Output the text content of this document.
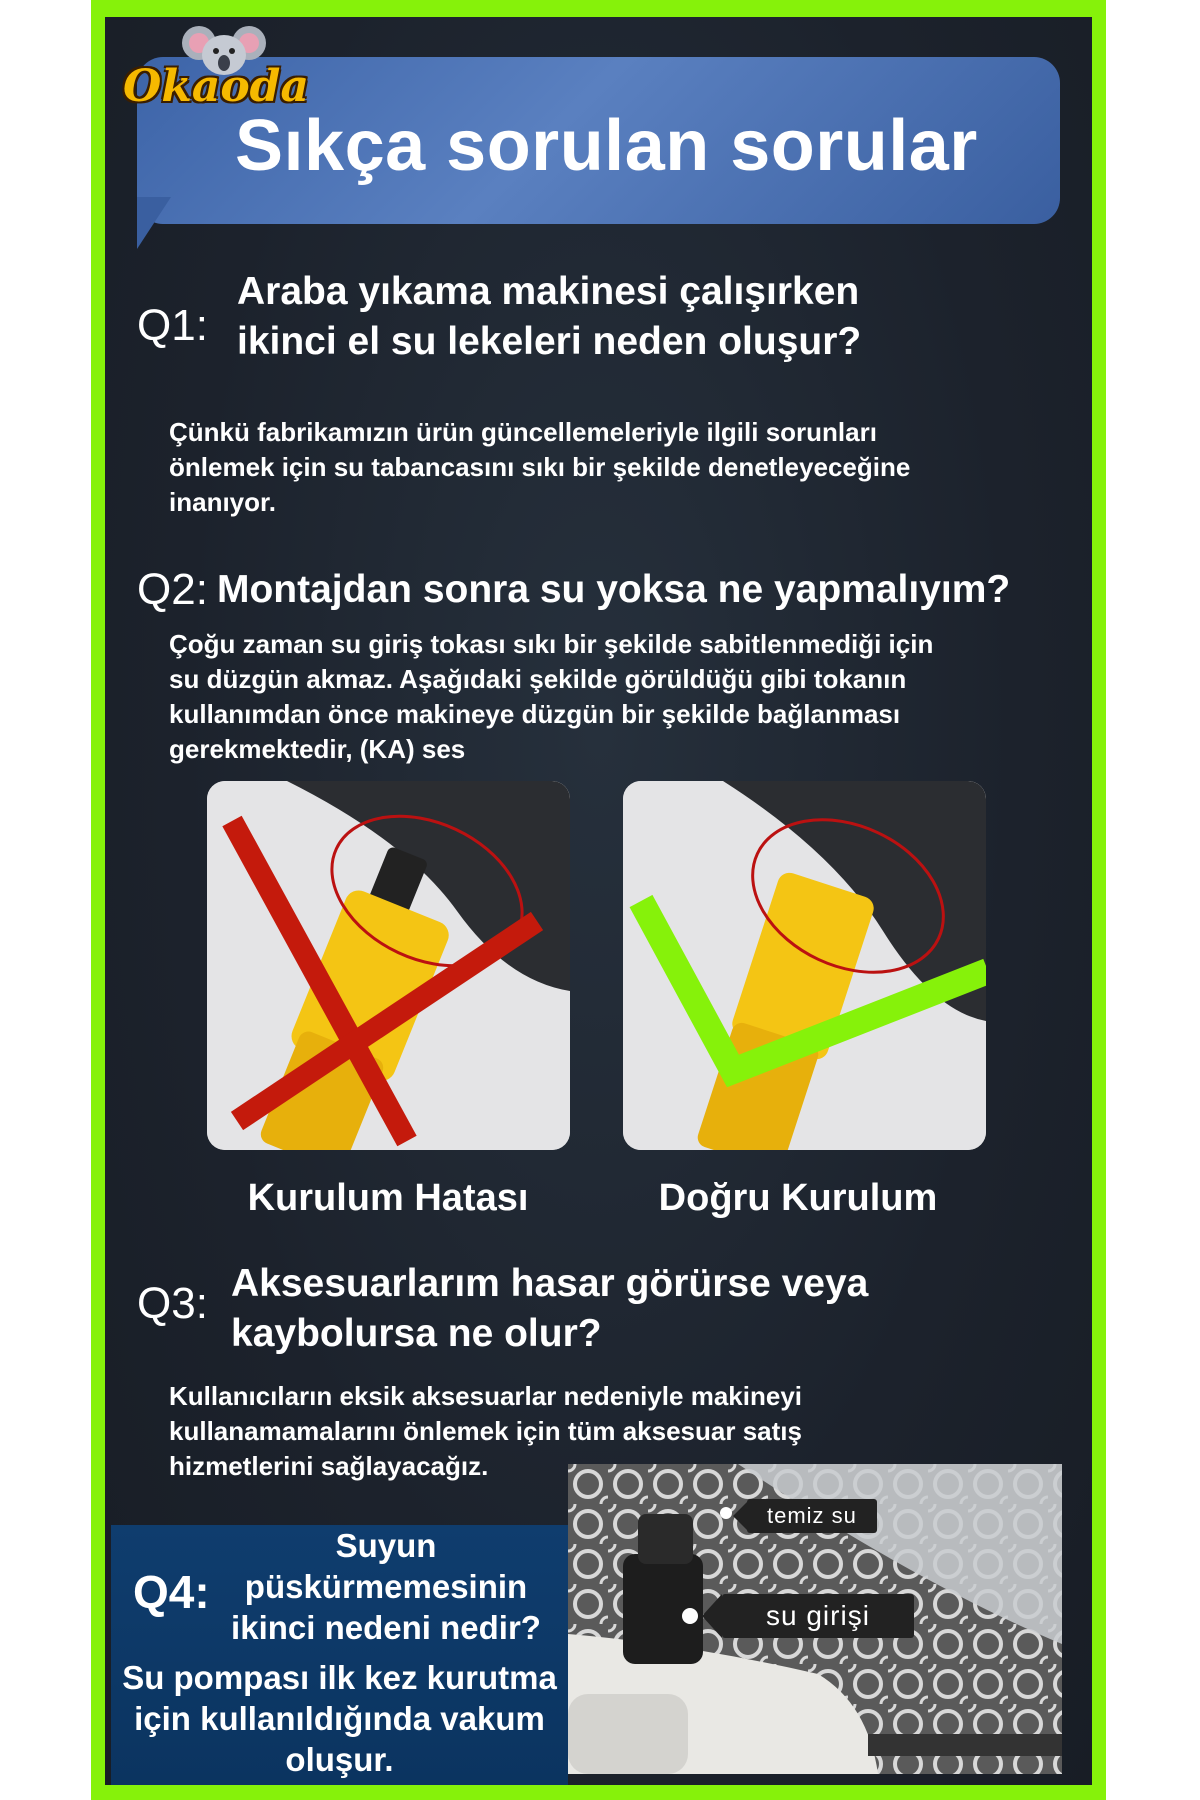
Sıkça sorulan sorular
Okaoda
Q1:
Araba yıkama makinesi çalışırken
ikinci el su lekeleri neden oluşur?
Çünkü fabrikamızın ürün güncellemeleriyle ilgili sorunları
önlemek için su tabancasını sıkı bir şekilde denetleyeceğine
inanıyor.
Q2: Montajdan sonra su yoksa ne yapmalıyım?
Çoğu zaman su giriş tokası sıkı bir şekilde sabitlenmediği için
su düzgün akmaz. Aşağıdaki şekilde görüldüğü gibi tokanın
kullanımdan önce makineye düzgün bir şekilde bağlanması
gerekmektedir, (KA) ses
Kurulum Hatası	Doğru Kurulum
Q3: Aksesuarlarım hasar görürse veya
kaybolursa ne olur?
Kullanıcıların eksik aksesuarlar nedeniyle makineyi
kullanamamalarını önlemek için tüm aksesuar satış
hizmetlerini sağlayacağız.
Q4:
Suyun
püskürmemesinin
ikinci nedeni nedir?
Su pompası ilk kez kurutma
için kullanıldığında vakum
oluşur.
temiz su
su girişi
